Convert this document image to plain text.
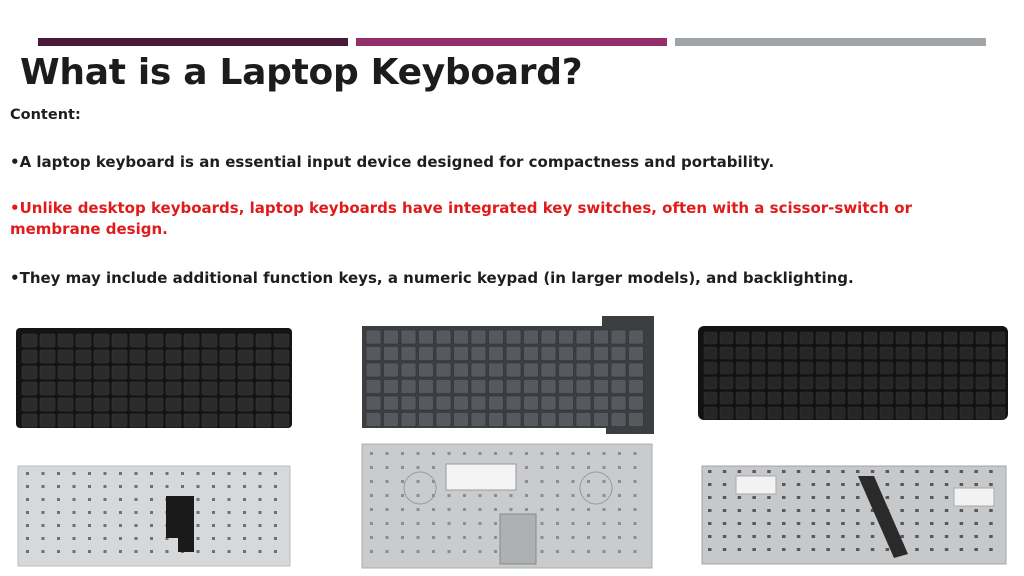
What is a Laptop Keyboard?
Content:
•A laptop keyboard is an essential input device designed for compactness and portability.
•Unlike desktop keyboards, laptop keyboards have integrated key switches, often with a scissor-switch or membrane design.
•They may include additional function keys, a numeric keypad (in larger models), and backlighting.
